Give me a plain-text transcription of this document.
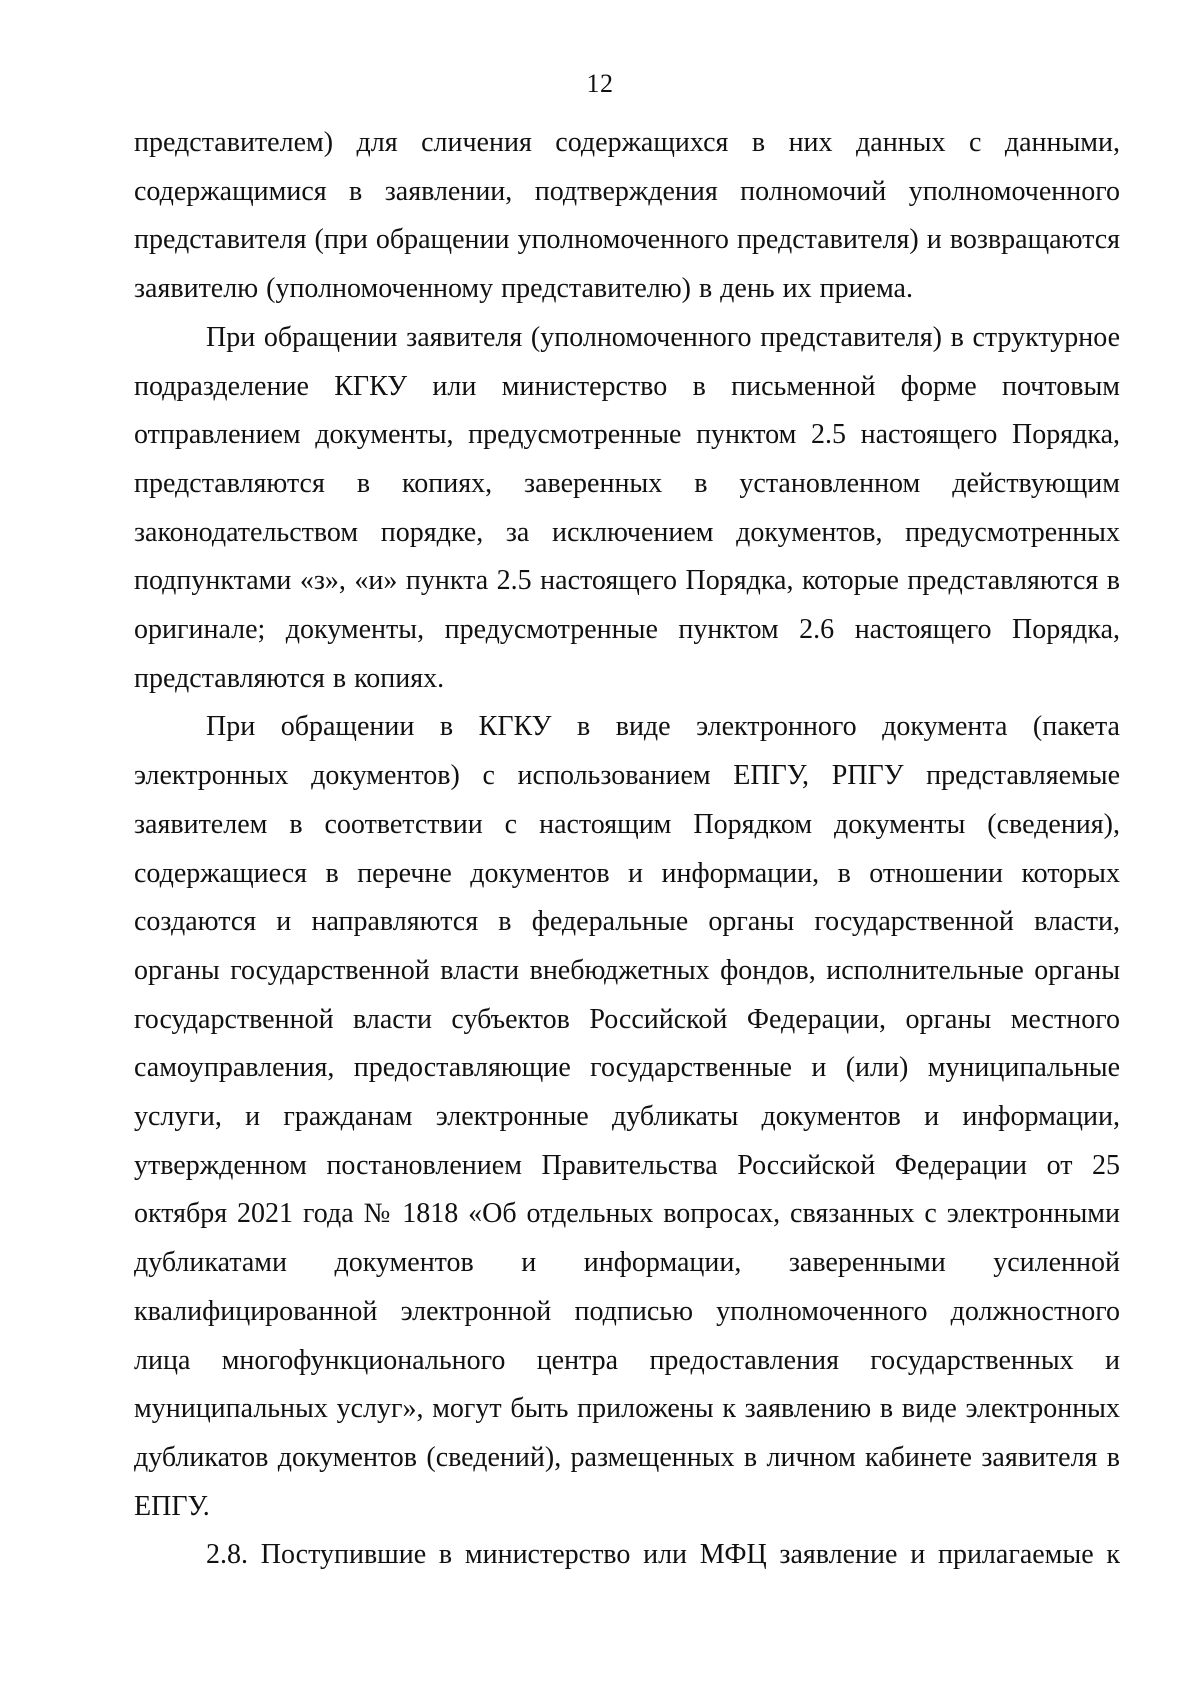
12

представителем) для сличения содержащихся в них данных с данными, содержащимися в заявлении, подтверждения полномочий уполномоченного представителя (при обращении уполномоченного представителя) и возвращаются заявителю (уполномоченному представителю) в день их приема.

При обращении заявителя (уполномоченного представителя) в структурное подразделение КГКУ или министерство в письменной форме почтовым отправлением документы, предусмотренные пунктом 2.5 настоящего Порядка, представляются в копиях, заверенных в установленном действующим законодательством порядке, за исключением документов, предусмотренных подпунктами «з», «и» пункта 2.5 настоящего Порядка, которые представляются в оригинале; документы, предусмотренные пунктом 2.6 настоящего Порядка, представляются в копиях.

При обращении в КГКУ в виде электронного документа (пакета электронных документов) с использованием ЕПГУ, РПГУ представляемые заявителем в соответствии с настоящим Порядком документы (сведения), содержащиеся в перечне документов и информации, в отношении которых создаются и направляются в федеральные органы государственной власти, органы государственной власти внебюджетных фондов, исполнительные органы государственной власти субъектов Российской Федерации, органы местного самоуправления, предоставляющие государственные и (или) муниципальные услуги, и гражданам электронные дубликаты документов и информации, утвержденном постановлением Правительства Российской Федерации от 25 октября 2021 года № 1818 «Об отдельных вопросах, связанных с электронными дубликатами документов и информации, заверенными усиленной квалифицированной электронной подписью уполномоченного должностного лица многофункционального центра предоставления государственных и муниципальных услуг», могут быть приложены к заявлению в виде электронных дубликатов документов (сведений), размещенных в личном кабинете заявителя в ЕПГУ.

2.8. Поступившие в министерство или МФЦ заявление и прилагаемые к
